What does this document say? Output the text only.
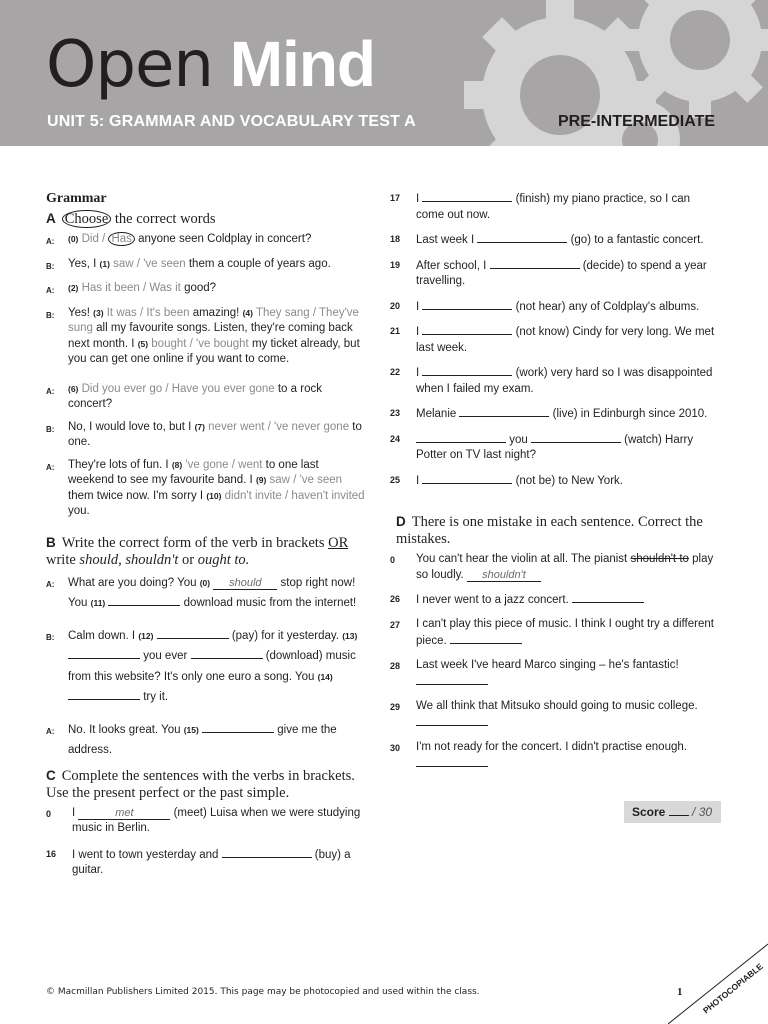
Open Mind
UNIT 5: GRAMMAR AND VOCABULARY TEST A	PRE-INTERMEDIATE
Grammar
A Choose the correct words
A:	(0) Did / Has anyone seen Coldplay in concert?
B:	Yes, I (1) saw / 've seen them a couple of years ago.
A:	(2) Has it been / Was it good?
B:	Yes! (3) It was / It's been amazing! (4) They sang / They've sung all my favourite songs. Listen, they're coming back next month. I (5) bought / 've bought my ticket already, but you can get one online if you want to come.
A:	(6) Did you ever go / Have you ever gone to a rock concert?
B:	No, I would love to, but I (7) never went / 've never gone to one.
A:	They're lots of fun. I (8) 've gone / went to one last weekend to see my favourite band. I (9) saw / 've seen them twice now. I'm sorry I (10) didn't invite / haven't invited you.
B Write the correct form of the verb in brackets OR write should, shouldn't or ought to.
A:	What are you doing? You (0) should stop right now! You (11)	download music from the internet!
B:	Calm down. I (12)	(pay) for it yesterday. (13)  you ever	(download) music from this website? It's only one euro a song. You (14)  try it.
A:	No. It looks great. You (15)	give me the address.
C Complete the sentences with the verbs in brackets. Use the present perfect or the past simple.
0	I	met	(meet) Luisa when we were studying music in Berlin.
16	I went to town yesterday and	(buy) a guitar.
17	I	(finish) my piano practice, so I can come out now.
18	Last week I	(go) to a fantastic concert.
19	After school, I	(decide) to spend a year travelling.
20	I	(not hear) any of Coldplay's albums.
21	I	(not know) Cindy for very long. We met last week.
22	I	(work) very hard so I was disappointed when I failed my exam.
23	Melanie	(live) in Edinburgh since 2010.
24	you	(watch) Harry Potter on TV last night?
25	I	(not be) to New York.
D There is one mistake in each sentence. Correct the mistakes.
0	You can't hear the violin at all. The pianist shouldn't to play so loudly. shouldn't
26	I never went to a jazz concert.
27	I can't play this piece of music. I think I ought try a different piece.
28	Last week I've heard Marco singing – he's fantastic!

29	We all think that Mitsuko should going to music college.
30	I'm not ready for the concert. I didn't practise enough.
Score / 30
© Macmillan Publishers Limited 2015. This page may be photocopied and used within the class.	1 PHOTOCOPIABLE
